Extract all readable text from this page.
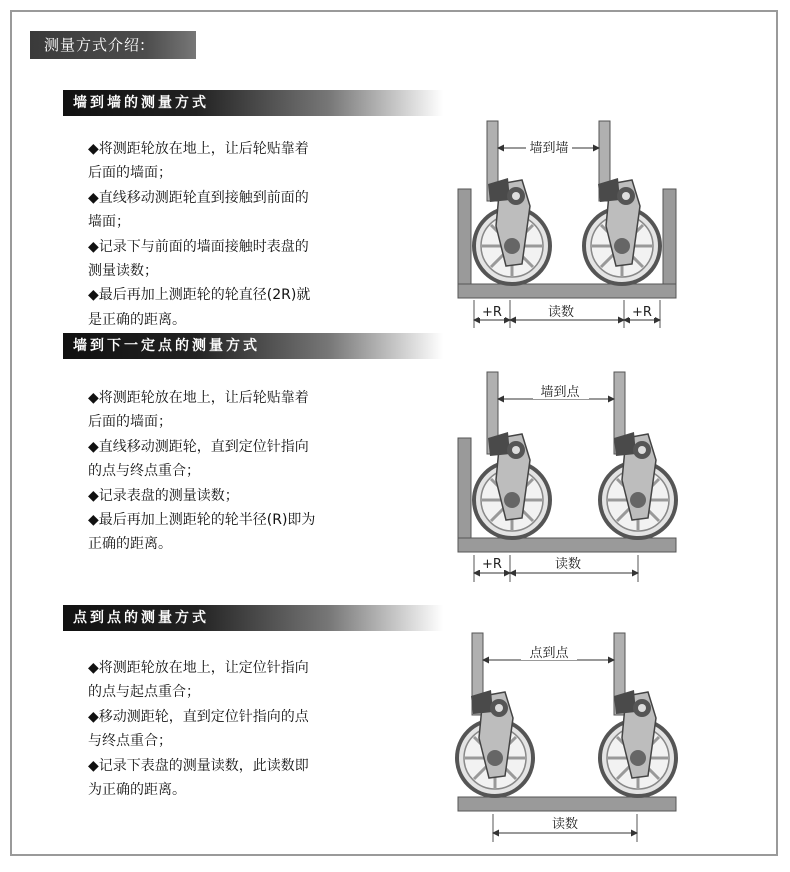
测量方式介绍:
墙到墙的测量方式

◆将测距轮放在地上，让后轮贴靠着

后面的墙面；

◆直线移动测距轮直到接触到前面的

墙面；

◆记录下与前面的墙面接触时表盘的

测量读数；

◆最后再加上测距轮的轮直径(2R)就

是正确的距离。

墙到下一定点的测量方式

◆将测距轮放在地上，让后轮贴靠着

后面的墙面；

◆直线移动测距轮，直到定位针指向

的点与终点重合；

◆记录表盘的测量读数；

◆最后再加上测距轮的轮半径(R)即为

正确的距离。

点到点的测量方式

◆将测距轮放在地上，让定位针指向

的点与起点重合；

◆移动测距轮，直到定位针指向的点

与终点重合；

◆记录下表盘的测量读数，此读数即

为正确的距离。

墙到墙
+R	读数	+R
墙到点
+R	读数
点到点
读数
